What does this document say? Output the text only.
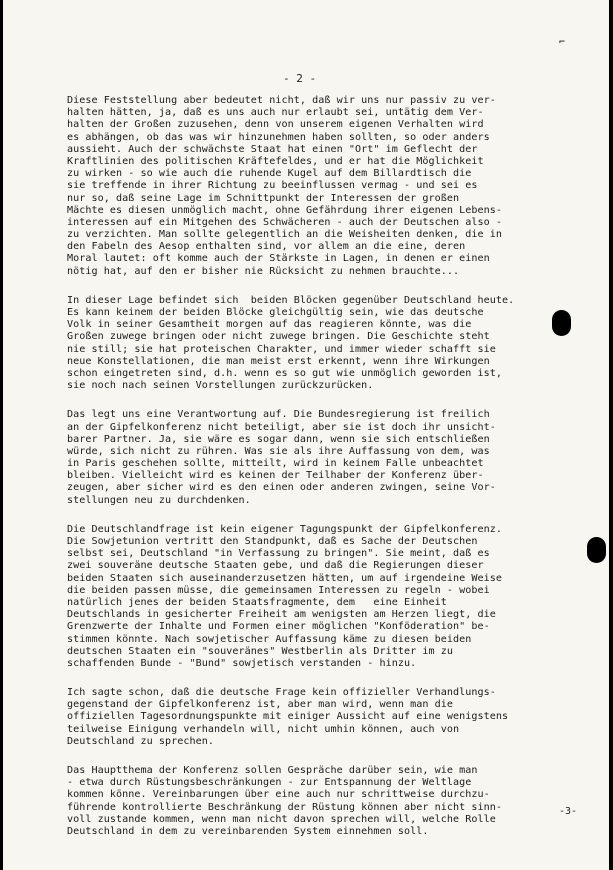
⌐
- 2 -
Diese Feststellung aber bedeutet nicht, daß wir uns nur passiv zu ver-
halten hätten, ja, daß es uns auch nur erlaubt sei, untätig dem Ver-
halten der Großen zuzusehen, denn von unserem eigenen Verhalten wird
es abhängen, ob das was wir hinzunehmen haben sollten, so oder anders
aussieht. Auch der schwächste Staat hat einen "Ort" im Geflecht der
Kraftlinien des politischen Kräftefeldes, und er hat die Möglichkeit
zu wirken - so wie auch die ruhende Kugel auf dem Billardtisch die
sie treffende in ihrer Richtung zu beeinflussen vermag - und sei es
nur so, daß seine Lage im Schnittpunkt der Interessen der großen
Mächte es diesen unmöglich macht, ohne Gefährdung ihrer eigenen Lebens-
interessen auf ein Mitgehen des Schwächeren - auch der Deutschen also -
zu verzichten. Man sollte gelegentlich an die Weisheiten denken, die in
den Fabeln des Aesop enthalten sind, vor allem an die eine, deren
Moral lautet: oft komme auch der Stärkste in Lagen, in denen er einen
nötig hat, auf den er bisher nie Rücksicht zu nehmen brauchte...
In dieser Lage befindet sich  beiden Blöcken gegenüber Deutschland heute.
Es kann keinem der beiden Blöcke gleichgültig sein, wie das deutsche
Volk in seiner Gesamtheit morgen auf das reagieren könnte, was die
Großen zuwege bringen oder nicht zuwege bringen. Die Geschichte steht
nie still; sie hat proteischen Charakter, und immer wieder schafft sie
neue Konstellationen, die man meist erst erkennt, wenn ihre Wirkungen
schon eingetreten sind, d.h. wenn es so gut wie unmöglich geworden ist,
sie noch nach seinen Vorstellungen zurückzurücken.
Das legt uns eine Verantwortung auf. Die Bundesregierung ist freilich
an der Gipfelkonferenz nicht beteiligt, aber sie ist doch ihr unsicht-
barer Partner. Ja, sie wäre es sogar dann, wenn sie sich entschließen
würde, sich nicht zu rühren. Was sie als ihre Auffassung von dem, was
in Paris geschehen sollte, mitteilt, wird in keinem Falle unbeachtet
bleiben. Vielleicht wird es keinen der Teilhaber der Konferenz über-
zeugen, aber sicher wird es den einen oder anderen zwingen, seine Vor-
stellungen neu zu durchdenken.
Die Deutschlandfrage ist kein eigener Tagungspunkt der Gipfelkonferenz.
Die Sowjetunion vertritt den Standpunkt, daß es Sache der Deutschen
selbst sei, Deutschland "in Verfassung zu bringen". Sie meint, daß es
zwei souveräne deutsche Staaten gebe, und daß die Regierungen dieser
beiden Staaten sich auseinanderzusetzen hätten, um auf irgendeine Weise
die beiden passen müsse, die gemeinsamen Interessen zu regeln - wobei
natürlich jenes der beiden Staatsfragmente, dem   eine Einheit
Deutschlands in gesicherter Freiheit am wenigsten am Herzen liegt, die
Grenzwerte der Inhalte und Formen einer möglichen "Konföderation" be-
stimmen könnte. Nach sowjetischer Auffassung käme zu diesen beiden
deutschen Staaten ein "souveränes" Westberlin als Dritter im zu
schaffenden Bunde - "Bund" sowjetisch verstanden - hinzu.
Ich sagte schon, daß die deutsche Frage kein offizieller Verhandlungs-
gegenstand der Gipfelkonferenz ist, aber man wird, wenn man die
offiziellen Tagesordnungspunkte mit einiger Aussicht auf eine wenigstens
teilweise Einigung verhandeln will, nicht umhin können, auch von
Deutschland zu sprechen.
Das Hauptthema der Konferenz sollen Gespräche darüber sein, wie man
- etwa durch Rüstungsbeschränkungen - zur Entspannung der Weltlage
kommen könne. Vereinbarungen über eine auch nur schrittweise durchzu-
führende kontrollierte Beschränkung der Rüstung können aber nicht sinn-
voll zustande kommen, wenn man nicht davon sprechen will, welche Rolle
Deutschland in dem zu vereinbarenden System einnehmen soll.
-3-
